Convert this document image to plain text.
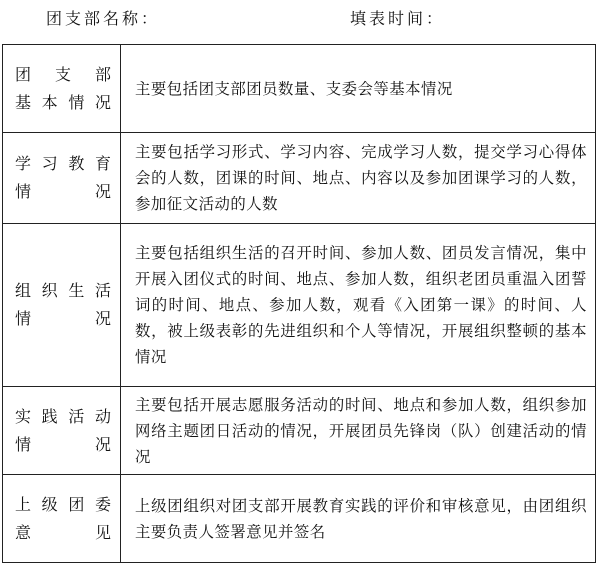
团支部名称：	填表时间：
团 支 部
基本情况	主要包括团支部团员数量、支委会等基本情况

学习教育
情　　况	主要包括学习形式、学习内容、完成学习人数，提交学习心得体会的人数，团课的时间、地点、内容以及参加团课学习的人数，参加征文活动的人数

组织生活
情　　况	主要包括组织生活的召开时间、参加人数、团员发言情况，集中开展入团仪式的时间、地点、参加人数，组织老团员重温入团誓词的时间、地点、参加人数，观看《入团第一课》的时间、人数，被上级表彰的先进组织和个人等情况，开展组织整顿的基本情况

实践活动
情　　况	主要包括开展志愿服务活动的时间、地点和参加人数，组织参加网络主题团日活动的情况，开展团员先锋岗（队）创建活动的情况

上级团委
意　　见	上级团组织对团支部开展教育实践的评价和审核意见，由团组织主要负责人签署意见并签名
